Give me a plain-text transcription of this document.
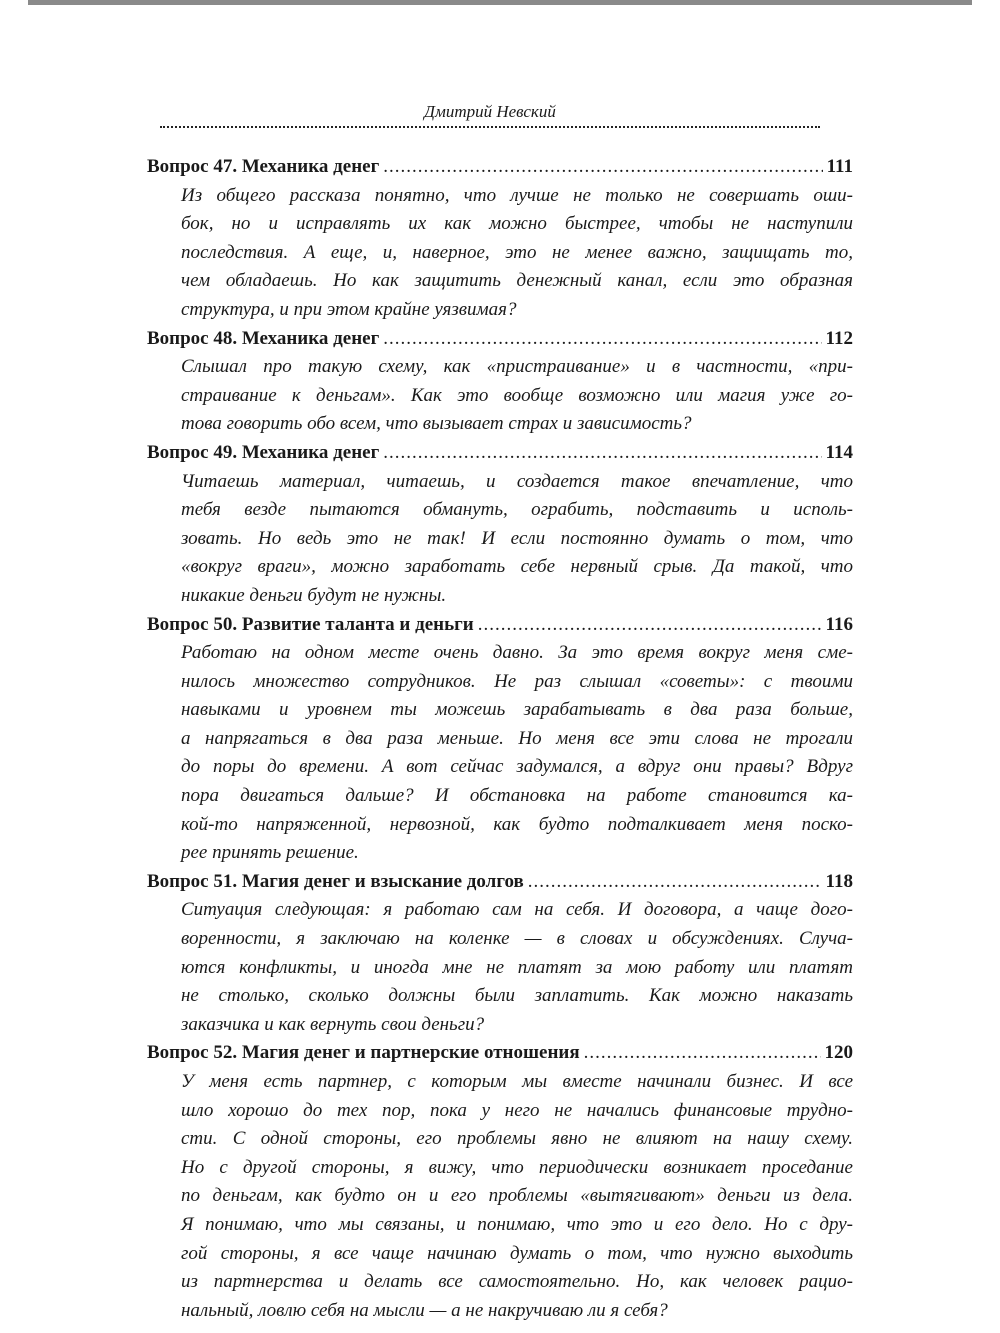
Дмитрий Невский
Вопрос 47. Механика денег .....	111
Из общего рассказа понятно, что лучше не только не совершать оши-
бок, но и исправлять их как можно быстрее, чтобы не наступили
последствия. А еще, и, наверное, это не менее важно, защищать то,
чем обладаешь. Но как защитить денежный канал, если это образная
структура, и при этом крайне уязвимая?
Вопрос 48. Механика денег .....	112
Слышал про такую схему, как «пристраивание» и в частности, «при-
страивание к деньгам». Как это вообще возможно или магия уже го-
това говорить обо всем, что вызывает страх и зависимость?
Вопрос 49. Механика денег .....	114
Читаешь материал, читаешь, и создается такое впечатление, что
тебя везде пытаются обмануть, ограбить, подставить и исполь-
зовать. Но ведь это не так! И если постоянно думать о том, что
«вокруг враги», можно заработать себе нервный срыв. Да такой, что
никакие деньги будут не нужны.
Вопрос 50. Развитие таланта и деньги .....	116
Работаю на одном месте очень давно. За это время вокруг меня сме-
нилось множество сотрудников. Не раз слышал «советы»: с твоими
навыками и уровнем ты можешь зарабатывать в два раза больше,
а напрягаться в два раза меньше. Но меня все эти слова не трогали
до поры до времени. А вот сейчас задумался, а вдруг они правы? Вдруг
пора двигаться дальше? И обстановка на работе становится ка-
кой-то напряженной, нервозной, как будто подталкивает меня поско-
рее принять решение.
Вопрос 51. Магия денег и взыскание долгов .....	118
Ситуация следующая: я работаю сам на себя. И договора, а чаще дого-
воренности, я заключаю на коленке — в словах и обсуждениях. Случа-
ются конфликты, и иногда мне не платят за мою работу или платят
не столько, сколько должны были заплатить. Как можно наказать
заказчика и как вернуть свои деньги?
Вопрос 52. Магия денег и партнерские отношения .....	120
У меня есть партнер, с которым мы вместе начинали бизнес. И все
шло хорошо до тех пор, пока у него не начались финансовые трудно-
сти. С одной стороны, его проблемы явно не влияют на нашу схему.
Но с другой стороны, я вижу, что периодически возникает проседание
по деньгам, как будто он и его проблемы «вытягивают» деньги из дела.
Я понимаю, что мы связаны, и понимаю, что это и его дело. Но с дру-
гой стороны, я все чаще начинаю думать о том, что нужно выходить
из партнерства и делать все самостоятельно. Но, как человек рацио-
нальный, ловлю себя на мысли — а не накручиваю ли я себя?
